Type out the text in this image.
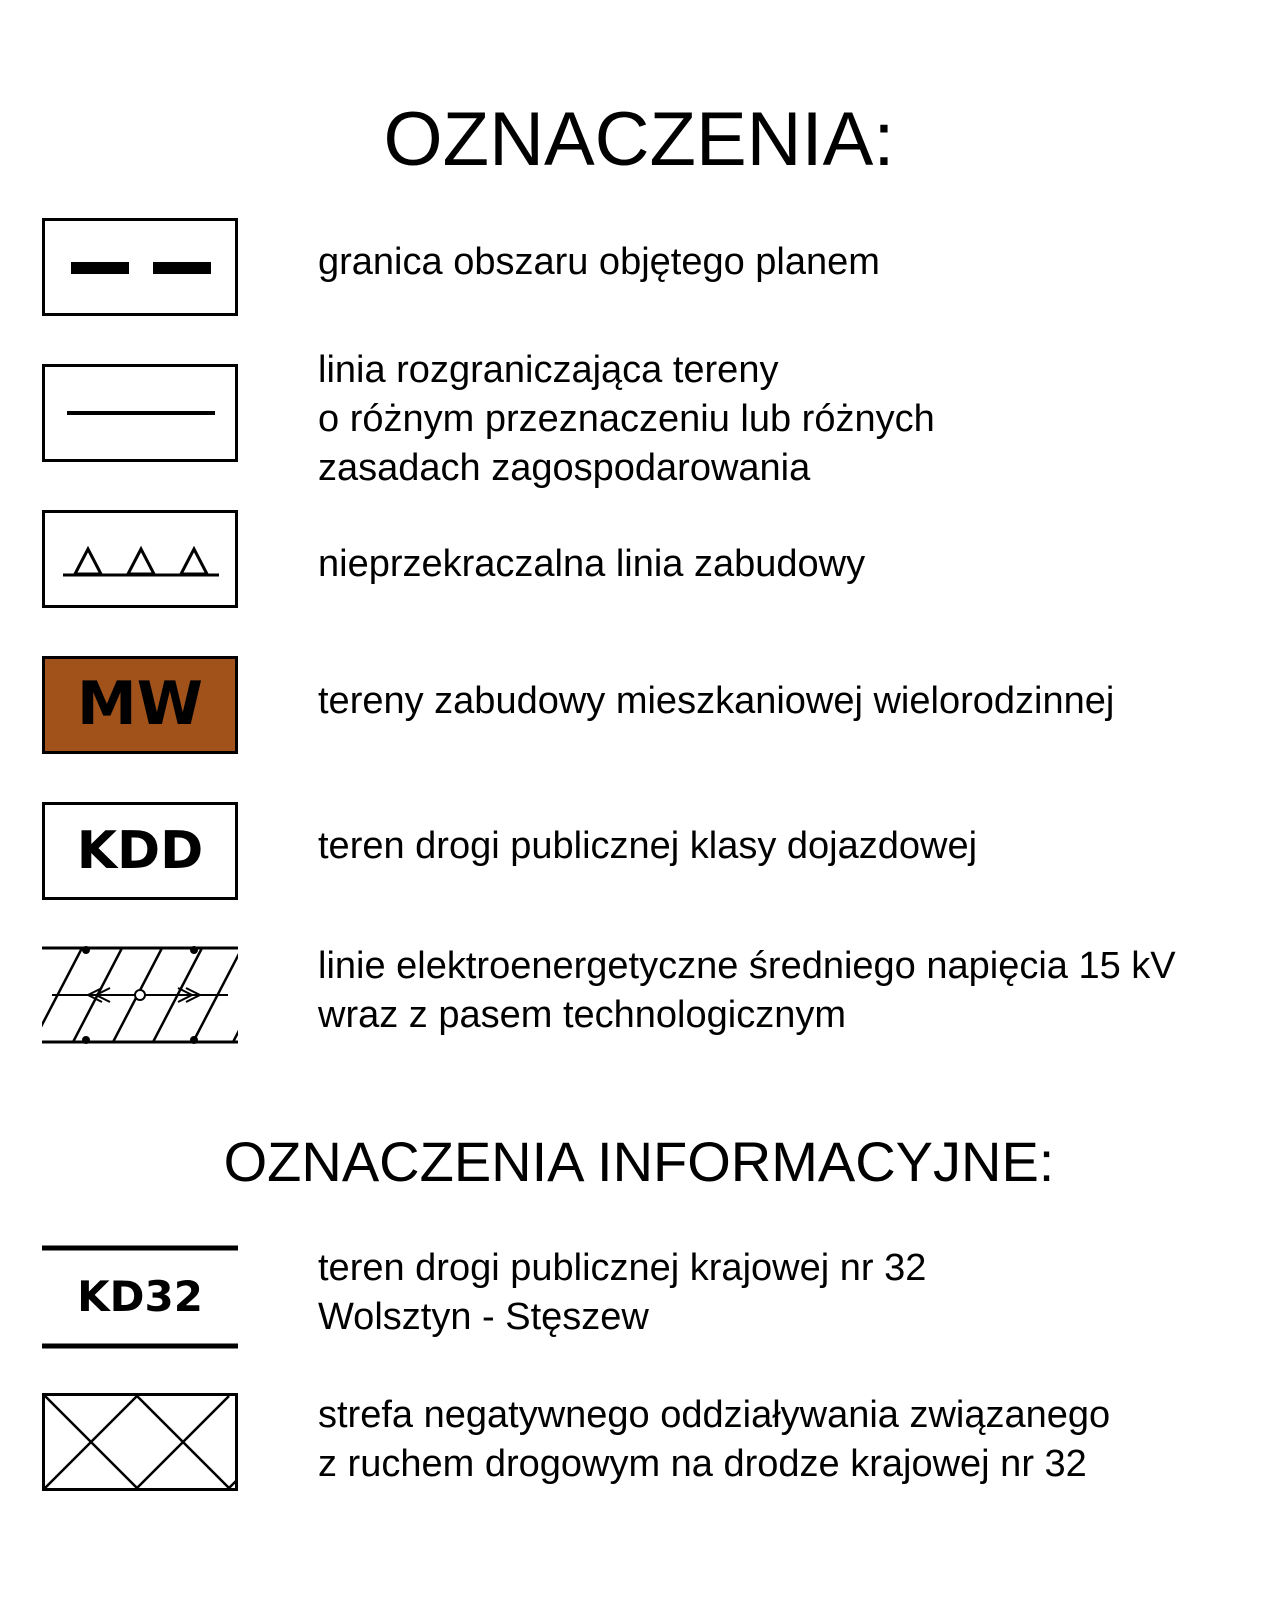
OZNACZENIA:
granica obszaru objętego planem
linia rozgraniczająca tereny
o różnym przeznaczeniu lub różnych
zasadach zagospodarowania
nieprzekraczalna linia zabudowy
MW	tereny zabudowy mieszkaniowej wielorodzinnej
KDD	teren drogi publicznej klasy dojazdowej
linie elektroenergetyczne średniego napięcia 15 kV
wraz z pasem technologicznym
OZNACZENIA INFORMACYJNE:
KD32
teren drogi publicznej krajowej nr 32
Wolsztyn - Stęszew
strefa negatywnego oddziaływania związanego
z ruchem drogowym na drodze krajowej nr 32
